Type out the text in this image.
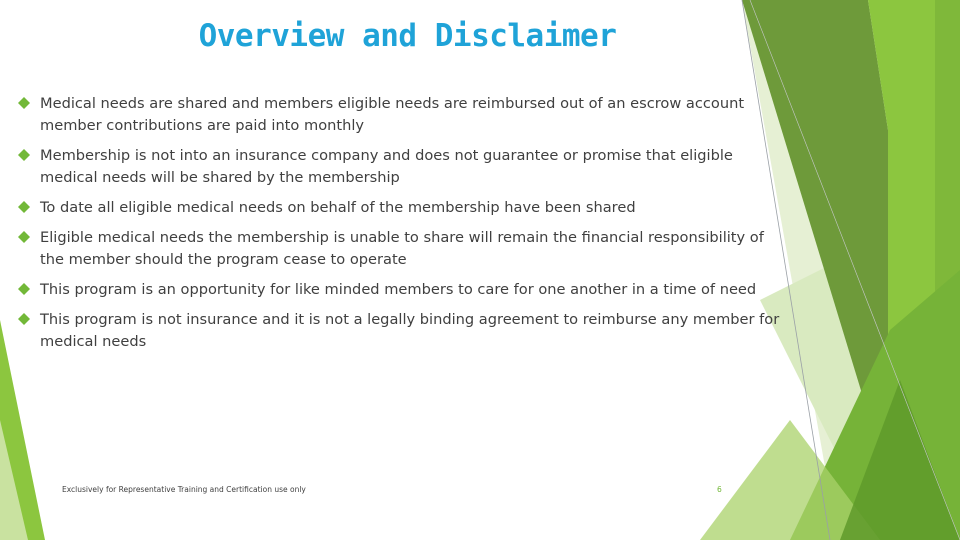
Overview and Disclaimer
Medical needs are shared and members eligible needs are reimbursed out of an escrow account member contributions are paid into monthly
Membership is not into an insurance company and does not guarantee or promise that eligible medical needs will be shared by the membership
To date all eligible medical needs on behalf of the membership have been shared
Eligible medical needs the membership is unable to share will remain the ﬁnancial responsibility of the member should the program cease to operate
This program is an opportunity for like minded members to care for one another in a time of need
This program is not insurance and it is not a legally binding agreement to reimburse any member for medical needs
Exclusively for Representative Training and Certification use only	6
